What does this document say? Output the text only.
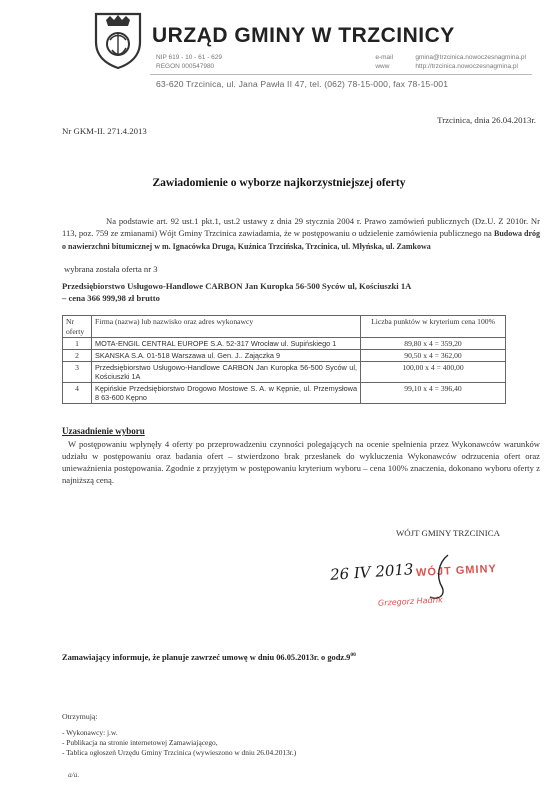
URZĄD GMINY W TRZCINICY
NIP 619 - 10 - 61 - 629
REGON 000547980
e-mail	gmina@trzcinica.nowoczesnagmina.pl
www	http://trzcinica.nowoczesnagmina.pl
63-620 Trzcinica, ul. Jana Pawła II 47, tel. (062) 78-15-000, fax 78-15-001
Trzcinica, dnia 26.04.2013r.
Nr GKM-II. 271.4.2013
Zawiadomienie o wyborze najkorzystniejszej oferty
Na podstawie art. 92 ust.1 pkt.1, ust.2 ustawy z dnia 29 stycznia 2004 r. Prawo zamówień publicznych (Dz.U. Z 2010r. Nr 113, poz. 759 ze zmianami) Wójt Gminy Trzcinica zawiadamia, że w postępowaniu o udzielenie zamówienia publicznego na Budowa dróg o nawierzchni bitumicznej w m. Ignacówka Druga, Kuźnica Trzcińska, Trzcinica, ul. Młyńska, ul. Zamkowa
wybrana została oferta nr 3
Przedsiębiorstwo Usługowo-Handlowe CARBON Jan Kuropka 56-500 Syców ul, Kościuszki 1A
– cena 366 999,98 zł brutto
Nr oferty	Firma (nazwa) lub nazwisko oraz adres wykonawcy	Liczba punktów w kryterium cena 100%
1	MOTA-ENGIL CENTRAL EUROPE S.A. 52-317 Wrocław ul. Supińskiego 1	89,80 x 4 = 359,20
2	SKANSKA S.A. 01-518 Warszawa ul. Gen. J.. Zajączka 9	90,50 x 4 = 362,00
3	Przedsiębiorstwo Usługowo-Handlowe CARBON Jan Kuropka 56-500 Syców ul, Kościuszki 1A	100,00 x 4 = 400,00
4	Kępińskie Przedsiębiorstwo Drogowo Mostowe S. A. w Kępnie, ul. Przemysłowa 8 63-600 Kępno	99,10 x 4 = 396,40
Uzasadnienie wyboru
W postępowaniu wpłynęły 4 oferty po przeprowadzeniu czynności polegających na ocenie spełnienia przez Wykonawców warunków udziału w postępowaniu oraz badania ofert – stwierdzono brak przesłanek do wykluczenia Wykonawców odrzucenia ofert oraz unieważnienia postępowania. Zgodnie z przyjętym w postępowaniu kryterium wyboru – cena 100% znaczenia, dokonano wyboru oferty z najniższą ceną.
WÓJT GMINY TRZCINICA
26 IV 2013 WÓJT GMINY
Grzegorz Hadrik
Zamawiający informuje, że planuje zawrzeć umowę w dniu 06.05.2013r. o $godz.9^{00}$
Otrzymują:
- Wykonawcy: j.w.
- Publikacja na stronie internetowej Zamawiającego,
- Tablica ogłoszeń Urzędu Gminy Trzcinica (wywieszono w dniu 26.04.2013r.)
a/a.
